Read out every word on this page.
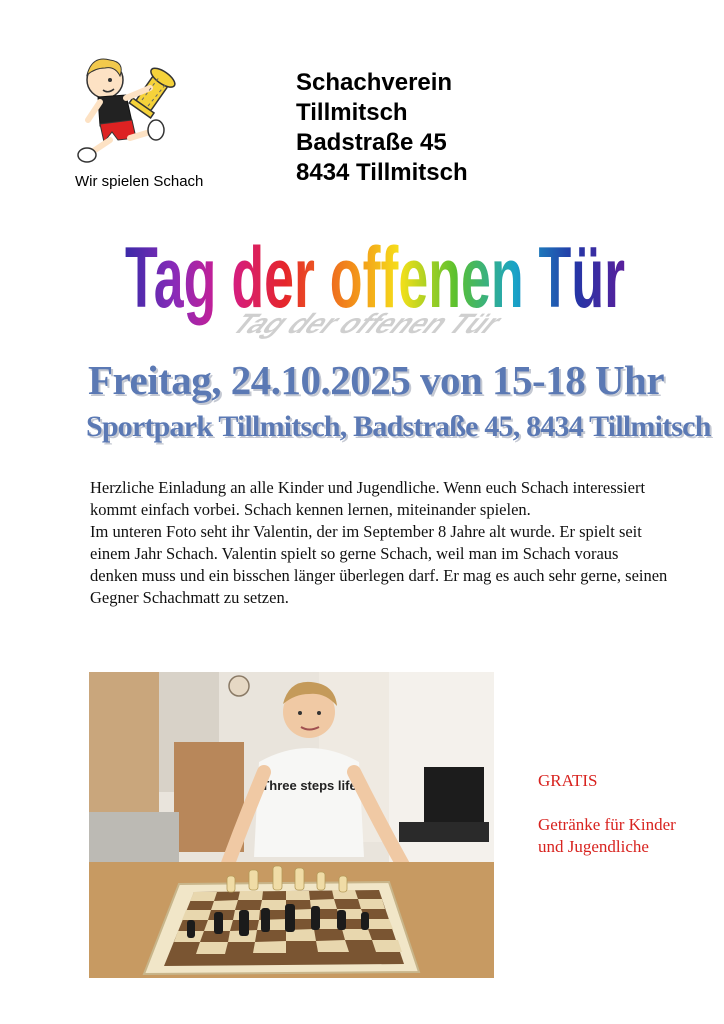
Wir spielen Schach
Schachverein
Tillmitsch
Badstraße 45
8434 Tillmitsch
Tag der offenen Tür
Tag der offenen Tür
Freitag, 24.10.2025 von 15-18 Uhr
Sportpark Tillmitsch, Badstraße 45, 8434 Tillmitsch

Herzliche Einladung an alle Kinder und Jugendliche. Wenn euch Schach interessiert kommt einfach vorbei. Schach kennen lernen, miteinander spielen.

Im unteren Foto seht ihr Valentin, der im September 8 Jahre alt wurde. Er spielt seit einem Jahr Schach. Valentin spielt so gerne Schach, weil man im Schach voraus denken muss und ein bisschen länger überlegen darf. Er mag es auch sehr gerne, seinen Gegner Schachmatt zu setzen.

Three steps life	GRATIS
Getränke für Kinder
und Jugendliche
